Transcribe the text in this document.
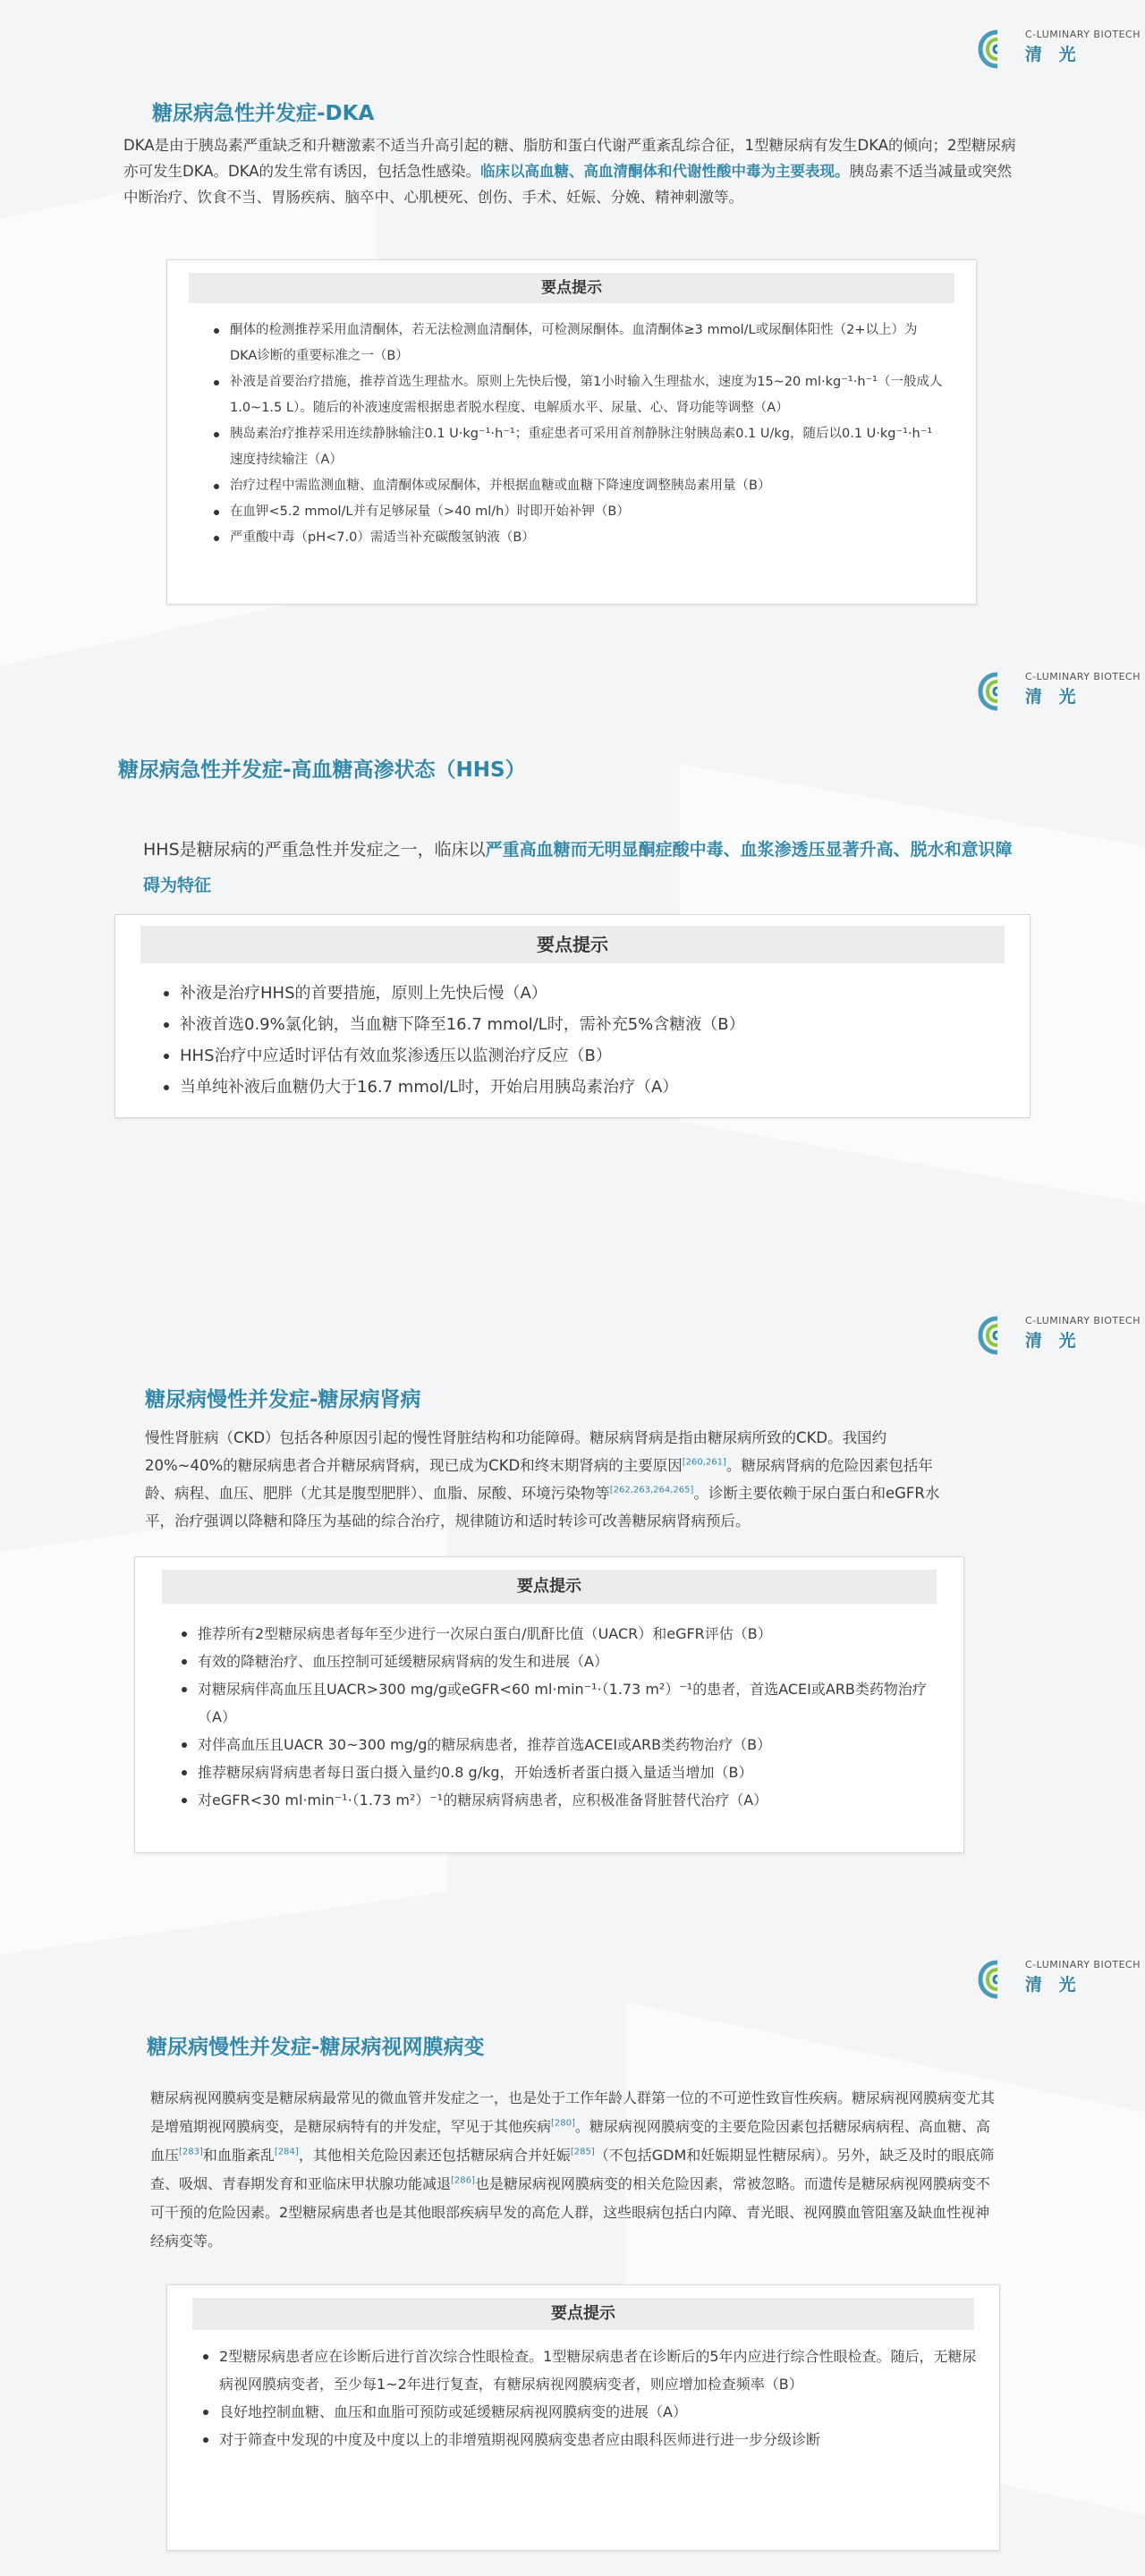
C-LUMINARY BIOTECH
清 光
糖尿病急性并发症-DKA
DKA是由于胰岛素严重缺乏和升糖激素不适当升高引起的糖、脂肪和蛋白代谢严重紊乱综合征，1型糖尿病有发生DKA的倾向；2型糖尿病亦可发生DKA。DKA的发生常有诱因，包括急性感染。临床以高血糖、高血清酮体和代谢性酸中毒为主要表现。胰岛素不适当减量或突然中断治疗、饮食不当、胃肠疾病、脑卒中、心肌梗死、创伤、手术、妊娠、分娩、精神刺激等。
要点提示
酮体的检测推荐采用血清酮体，若无法检测血清酮体，可检测尿酮体。血清酮体≥3 mmol/L或尿酮体阳性（2+以上）为DKA诊断的重要标准之一（B）
补液是首要治疗措施，推荐首选生理盐水。原则上先快后慢，第1小时输入生理盐水，速度为15~20 ml·kg⁻¹·h⁻¹（一般成人1.0~1.5 L）。随后的补液速度需根据患者脱水程度、电解质水平、尿量、心、肾功能等调整（A）
胰岛素治疗推荐采用连续静脉输注0.1 U·kg⁻¹·h⁻¹；重症患者可采用首剂静脉注射胰岛素0.1 U/kg，随后以0.1 U·kg⁻¹·h⁻¹速度持续输注（A）
治疗过程中需监测血糖、血清酮体或尿酮体，并根据血糖或血糖下降速度调整胰岛素用量（B）
在血钾<5.2 mmol/L并有足够尿量（>40 ml/h）时即开始补钾（B）
严重酸中毒（pH<7.0）需适当补充碳酸氢钠液（B）
C-LUMINARY BIOTECH
清 光
糖尿病急性并发症-高血糖高渗状态（HHS）
HHS是糖尿病的严重急性并发症之一，临床以严重高血糖而无明显酮症酸中毒、血浆渗透压显著升高、脱水和意识障碍为特征
要点提示
补液是治疗HHS的首要措施，原则上先快后慢（A）
补液首选0.9%氯化钠，当血糖下降至16.7 mmol/L时，需补充5%含糖液（B）
HHS治疗中应适时评估有效血浆渗透压以监测治疗反应（B）
当单纯补液后血糖仍大于16.7 mmol/L时，开始启用胰岛素治疗（A）
C-LUMINARY BIOTECH
清 光
糖尿病慢性并发症-糖尿病肾病
慢性肾脏病（CKD）包括各种原因引起的慢性肾脏结构和功能障碍。糖尿病肾病是指由糖尿病所致的CKD。我国约20%~40%的糖尿病患者合并糖尿病肾病，现已成为CKD和终末期肾病的主要原因[260,261]。糖尿病肾病的危险因素包括年龄、病程、血压、肥胖（尤其是腹型肥胖）、血脂、尿酸、环境污染物等[262,263,264,265]。诊断主要依赖于尿白蛋白和eGFR水平，治疗强调以降糖和降压为基础的综合治疗，规律随访和适时转诊可改善糖尿病肾病预后。
要点提示
推荐所有2型糖尿病患者每年至少进行一次尿白蛋白/肌酐比值（UACR）和eGFR评估（B）
有效的降糖治疗、血压控制可延缓糖尿病肾病的发生和进展（A）
对糖尿病伴高血压且UACR>300 mg/g或eGFR<60 ml·min⁻¹·（1.73 m²）⁻¹的患者，首选ACEI或ARB类药物治疗（A）
对伴高血压且UACR 30~300 mg/g的糖尿病患者，推荐首选ACEI或ARB类药物治疗（B）
推荐糖尿病肾病患者每日蛋白摄入量约0.8 g/kg，开始透析者蛋白摄入量适当增加（B）
对eGFR<30 ml·min⁻¹·（1.73 m²）⁻¹的糖尿病肾病患者，应积极准备肾脏替代治疗（A）
C-LUMINARY BIOTECH
清 光
糖尿病慢性并发症-糖尿病视网膜病变
糖尿病视网膜病变是糖尿病最常见的微血管并发症之一，也是处于工作年龄人群第一位的不可逆性致盲性疾病。糖尿病视网膜病变尤其是增殖期视网膜病变，是糖尿病特有的并发症，罕见于其他疾病[280]。糖尿病视网膜病变的主要危险因素包括糖尿病病程、高血糖、高血压[283]和血脂紊乱[284]，其他相关危险因素还包括糖尿病合并妊娠[285]（不包括GDM和妊娠期显性糖尿病）。另外，缺乏及时的眼底筛查、吸烟、青春期发育和亚临床甲状腺功能减退[286]也是糖尿病视网膜病变的相关危险因素，常被忽略。而遗传是糖尿病视网膜病变不可干预的危险因素。2型糖尿病患者也是其他眼部疾病早发的高危人群，这些眼病包括白内障、青光眼、视网膜血管阻塞及缺血性视神经病变等。
要点提示
2型糖尿病患者应在诊断后进行首次综合性眼检查。1型糖尿病患者在诊断后的5年内应进行综合性眼检查。随后，无糖尿病视网膜病变者，至少每1~2年进行复查，有糖尿病视网膜病变者，则应增加检查频率（B）
良好地控制血糖、血压和血脂可预防或延缓糖尿病视网膜病变的进展（A）
对于筛查中发现的中度及中度以上的非增殖期视网膜病变患者应由眼科医师进行进一步分级诊断
